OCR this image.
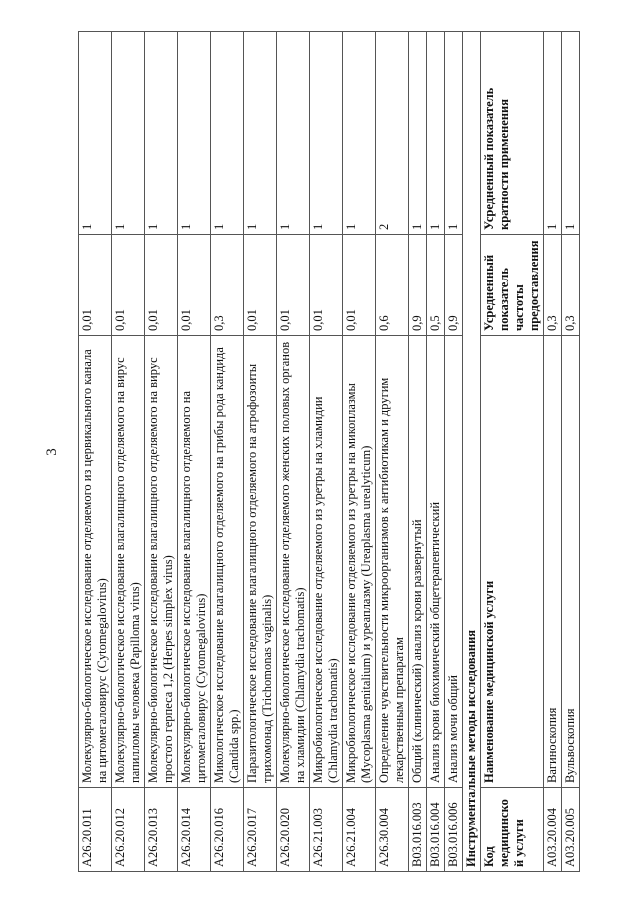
3
A26.20.011	Молекулярно-биологическое исследование отделяемого из цервикального канала на цитомегаловирус (Cytomegalovirus)	0,01	1
A26.20.012	Молекулярно-биологическое исследование влагалищного отделяемого на вирус папилломы человека (Papilloma virus)	0,01	1
A26.20.013	Молекулярно-биологическое исследование влагалищного отделяемого на вирус простого герпеса 1,2 (Herpes simplex virus)	0,01	1
A26.20.014	Молекулярно-биологическое исследование влагалищного отделяемого на цитомегаловирус (Cytomegalovirus)	0,01	1
A26.20.016	Микологическое исследование влагалищного отделяемого на грибы рода кандида (Candida spp.)	0,3	1
A26.20.017	Паразитологическое исследование влагалищного отделяемого на атрофозоиты трихомонад (Trichomonas vaginalis)	0,01	1
A26.20.020	Молекулярно-биологическое исследование отделяемого женских половых органов на хламидии (Chlamydia trachomatis)	0,01	1
A26.21.003	Микробиологическое исследование отделяемого из уретры на хламидии (Chlamydia trachomatis)	0,01	1
A26.21.004	Микробиологическое исследование отделяемого из уретры на микоплазмы (Mycoplasma genitalium) и уреаплазму (Ureaplasma urealyticum)	0,01	1
A26.30.004	Определение чувствительности микроорганизмов к антибиотикам и другим лекарственным препаратам	0,6	2
B03.016.003	Общий (клинический) анализ крови развернутый	0,9	1
B03.016.004	Анализ крови биохимический общетерапевтический	0,5	1
B03.016.006	Анализ мочи общий	0,9	1
Инструментальные методы исследования			
Код медицинской услуги	Наименование медицинской услуги	Усредненный показатель частоты предоставления	Усредненный показатель кратности применения
A03.20.004	Вагиноскопия	0,3	1
A03.20.005	Вульвоскопия	0,3	1
